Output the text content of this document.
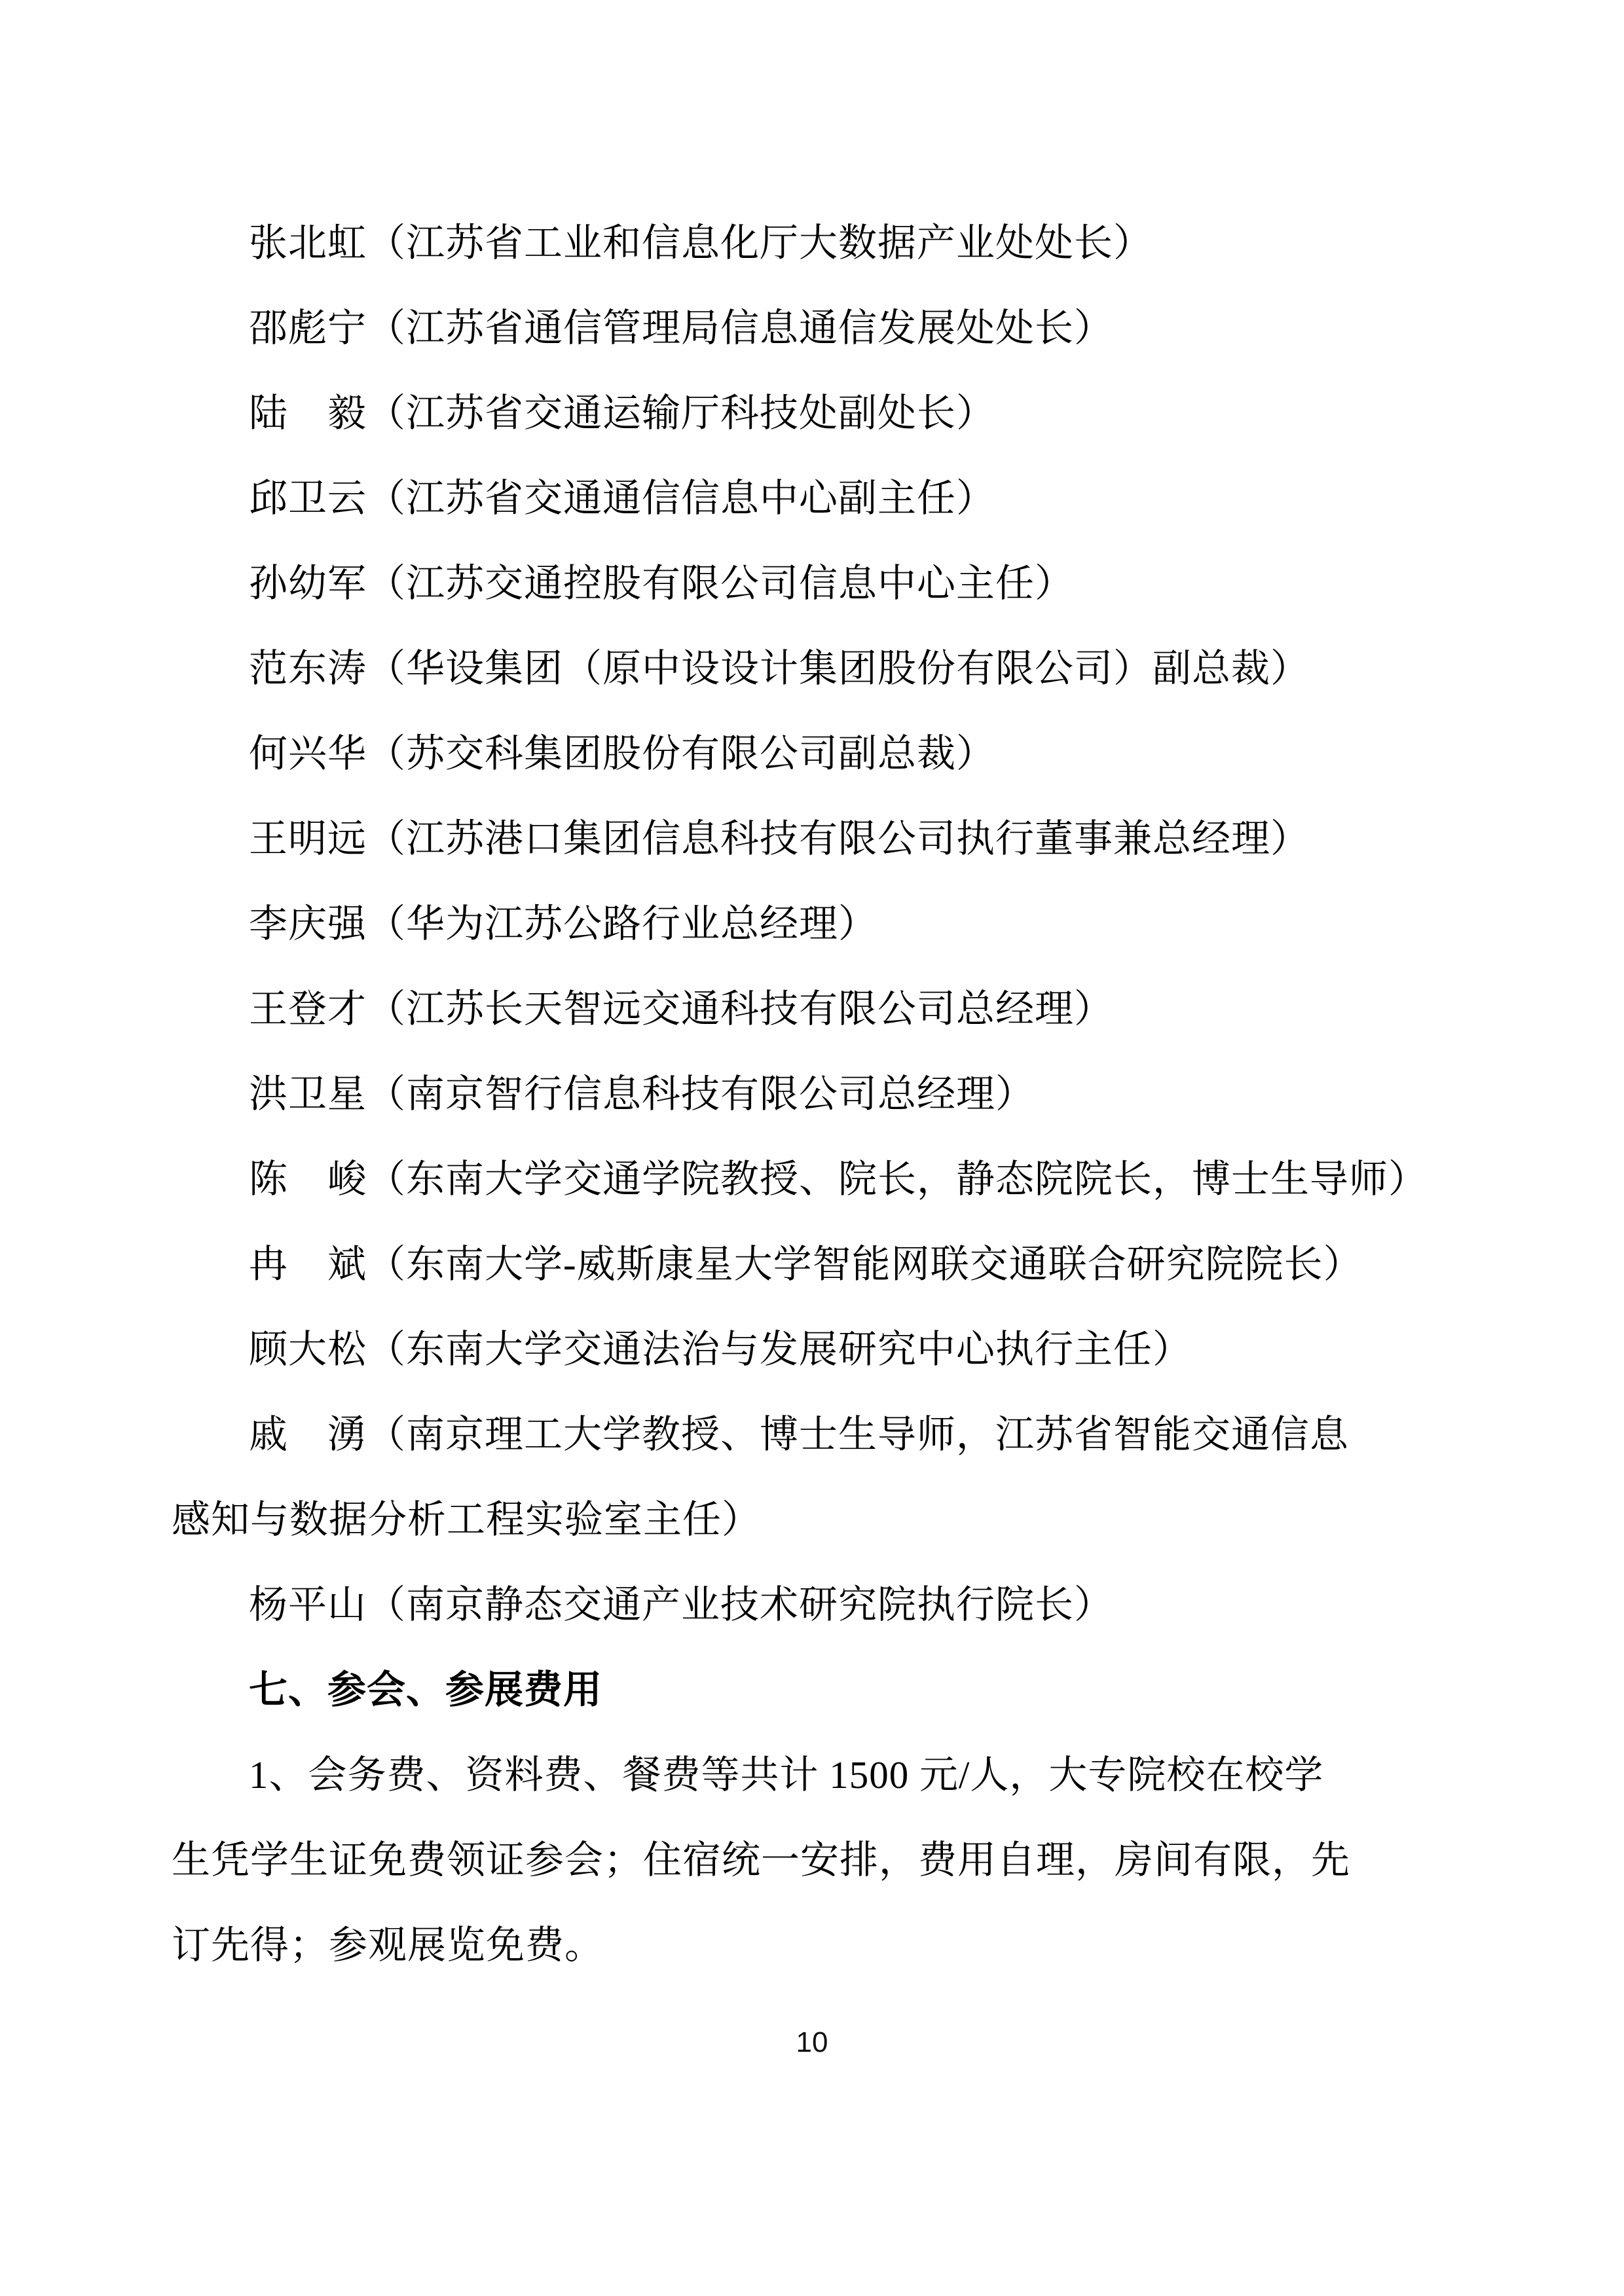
张北虹（江苏省工业和信息化厅大数据产业处处长）

邵彪宁（江苏省通信管理局信息通信发展处处长）

陆　毅（江苏省交通运输厅科技处副处长）

邱卫云（江苏省交通通信信息中心副主任）

孙幼军（江苏交通控股有限公司信息中心主任）

范东涛（华设集团（原中设设计集团股份有限公司）副总裁）

何兴华（苏交科集团股份有限公司副总裁）

王明远（江苏港口集团信息科技有限公司执行董事兼总经理）

李庆强（华为江苏公路行业总经理）

王登才（江苏长天智远交通科技有限公司总经理）

洪卫星（南京智行信息科技有限公司总经理）

陈　峻（东南大学交通学院教授、院长，静态院院长，博士生导师）

冉　斌（东南大学-威斯康星大学智能网联交通联合研究院院长）

顾大松（东南大学交通法治与发展研究中心执行主任）

戚　湧（南京理工大学教授、博士生导师，江苏省智能交通信息

感知与数据分析工程实验室主任）

杨平山（南京静态交通产业技术研究院执行院长）

七、参会、参展费用

1、会务费、资料费、餐费等共计 1500 元/人，大专院校在校学

生凭学生证免费领证参会；住宿统一安排，费用自理，房间有限，先

订先得；参观展览免费。

10
